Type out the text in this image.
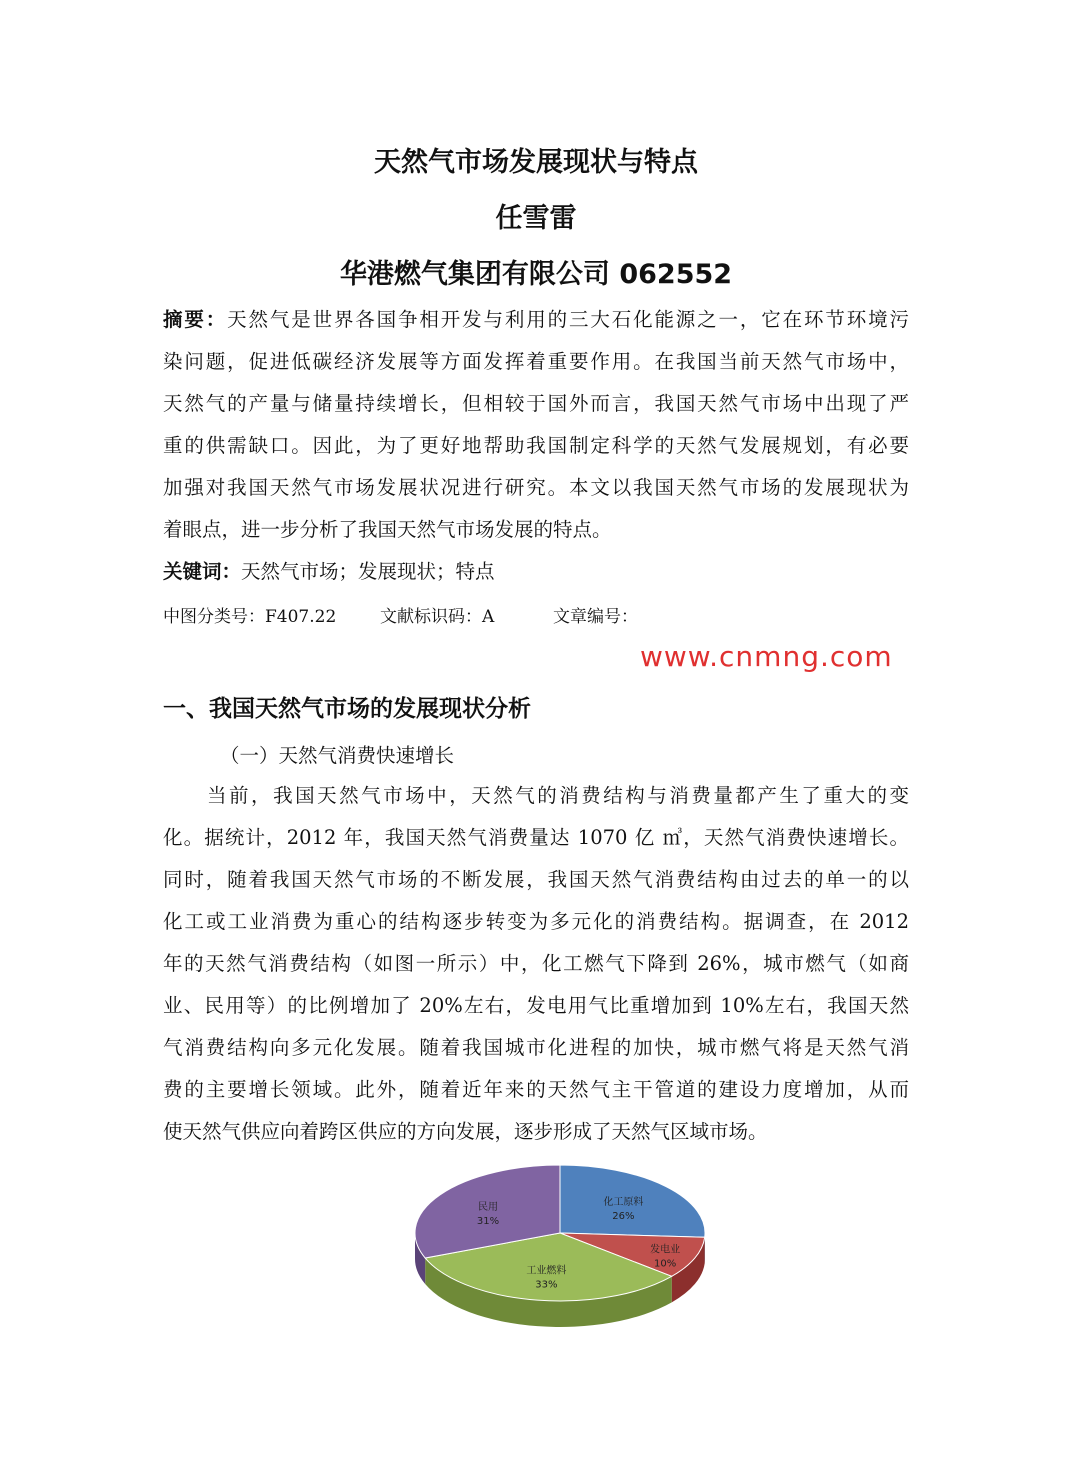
天然气市场发展现状与特点
任雪雷
华港燃气集团有限公司 062552
摘要：天然气是世界各国争相开发与利用的三大石化能源之一，它在环节环境污
染问题，促进低碳经济发展等方面发挥着重要作用。在我国当前天然气市场中，
天然气的产量与储量持续增长，但相较于国外而言，我国天然气市场中出现了严
重的供需缺口。因此，为了更好地帮助我国制定科学的天然气发展规划，有必要
加强对我国天然气市场发展状况进行研究。本文以我国天然气市场的发展现状为
着眼点，进一步分析了我国天然气市场发展的特点。
关键词：天然气市场；发展现状；特点
中图分类号：F407.22	文献标识码：A	文章编号：
一、我国天然气市场的发展现状分析
（一）天然气消费快速增长
　　当前，我国天然气市场中，天然气的消费结构与消费量都产生了重大的变
化。据统计，2012 年，我国天然气消费量达 1070 亿 ㎥，天然气消费快速增长。
同时，随着我国天然气市场的不断发展，我国天然气消费结构由过去的单一的以
化工或工业消费为重心的结构逐步转变为多元化的消费结构。据调查，在 2012
年的天然气消费结构（如图一所示）中，化工燃气下降到 26%，城市燃气（如商
业、民用等）的比例增加了 20%左右，发电用气比重增加到 10%左右，我国天然
气消费结构向多元化发展。随着我国城市化进程的加快，城市燃气将是天然气消
费的主要增长领域。此外，随着近年来的天然气主干管道的建设力度增加，从而
使天然气供应向着跨区供应的方向发展，逐步形成了天然气区域市场。
化工原料
26%
发电业
10%
工业燃料
33%
民用
31%
www.cnmng.com
